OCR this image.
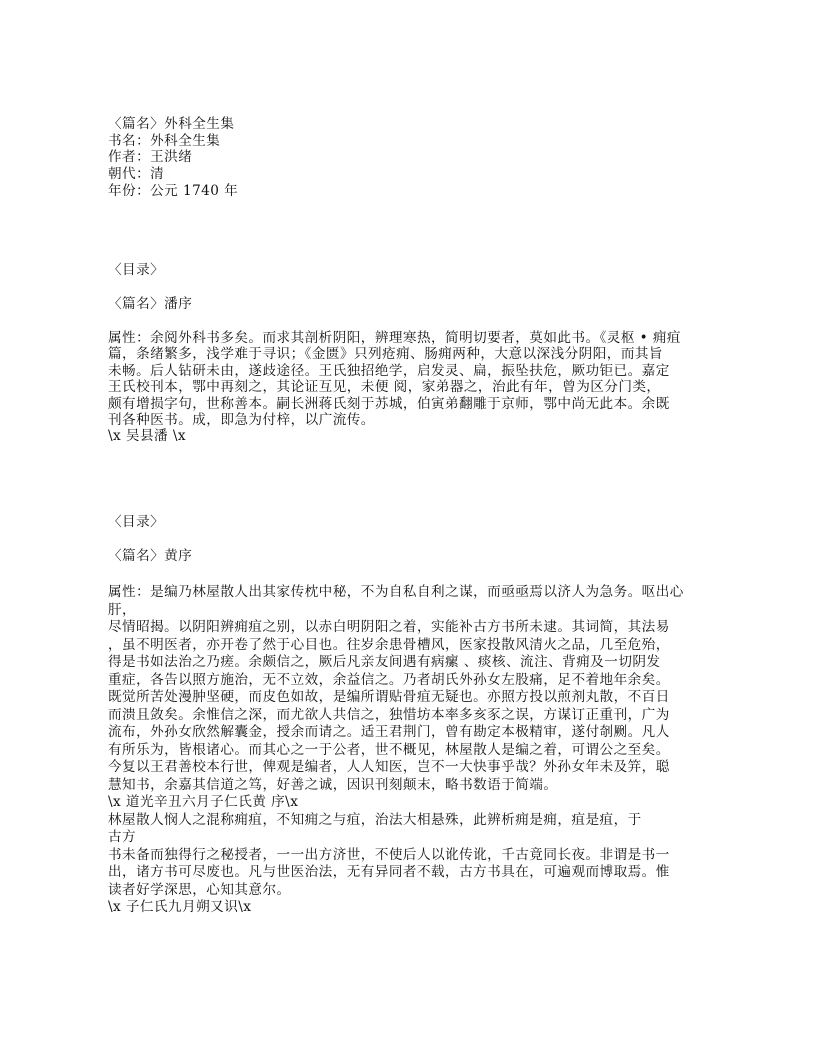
〈篇名〉外科全生集
书名：外科全生集
作者：王洪绪
朝代：清
年份：公元 1740 年
〈目录〉
〈篇名〉潘序
属性：余阅外科书多矣。而求其剖析阴阳，辨理寒热，简明切要者，莫如此书。《灵枢 • 痈疽
篇，条绪繁多，浅学难于寻识；《金匮》只列疮痈、肠痈两种，大意以深浅分阴阳，而其旨
未畅。后人钻研未由，遂歧途径。王氏独招绝学，启发灵、扁，振坠扶危，厥功钜已。嘉定
王氏校刊本，鄂中再刻之，其论证互见，未便 阅，家弟器之，治此有年，曾为区分门类，
颇有增损字句，世称善本。嗣长洲蒋氏刻于苏城，伯寅弟翻雕于京师，鄂中尚无此本。余既
刊各种医书。成，即急为付梓，以广流传。
\x 吴县潘 \x
〈目录〉
〈篇名〉黄序
属性：是编乃林屋散人出其家传枕中秘，不为自私自利之谋，而亟亟焉以济人为急务。呕出心
肝，
尽情昭揭。以阴阳辨痈疽之别，以赤白明阴阳之着，实能补古方书所未逮。其词简，其法易
，虽不明医者，亦开卷了然于心目也。往岁余患骨槽风，医家投散风清火之品，几至危殆，
得是书如法治之乃瘥。余颇信之，厥后凡亲友间遇有病瘰 、痰核、流注、背痈及一切阴发
重症，各告以照方施治，无不立效，余益信之。乃者胡氏外孙女左股痛，足不着地年余矣。
既觉所苦处漫肿坚硬，而皮色如故，是编所谓贴骨疽无疑也。亦照方投以煎剂丸散，不百日
而溃且敛矣。余惟信之深，而尤欲人共信之，独惜坊本率多亥豕之误，方谋订正重刊，广为
流布，外孙女欣然解囊金，授余而请之。适王君荆门，曾有勘定本极精审，遂付剞劂。凡人
有所乐为，皆根诸心。而其心之一于公者，世不概见，林屋散人是编之着，可谓公之至矣。
今复以王君善校本行世，俾观是编者，人人知医，岂不一大快事乎哉？外孙女年未及笄，聪
慧知书，余嘉其信道之笃，好善之诚，因识刊刻颠末，略书数语于简端。
\x 道光辛丑六月子仁氏黄 序\x
林屋散人悯人之混称痈疽，不知痈之与疽，治法大相悬殊，此辨析痈是痈，疽是疽，于
古方
书未备而独得行之秘授者，一一出方济世，不使后人以讹传讹，千古竟同长夜。非谓是书一
出，诸方书可尽废也。凡与世医治法，无有异同者不载，古方书具在，可遍观而博取焉。惟
读者好学深思，心知其意尔。
\x 子仁氏九月朔又识\x
